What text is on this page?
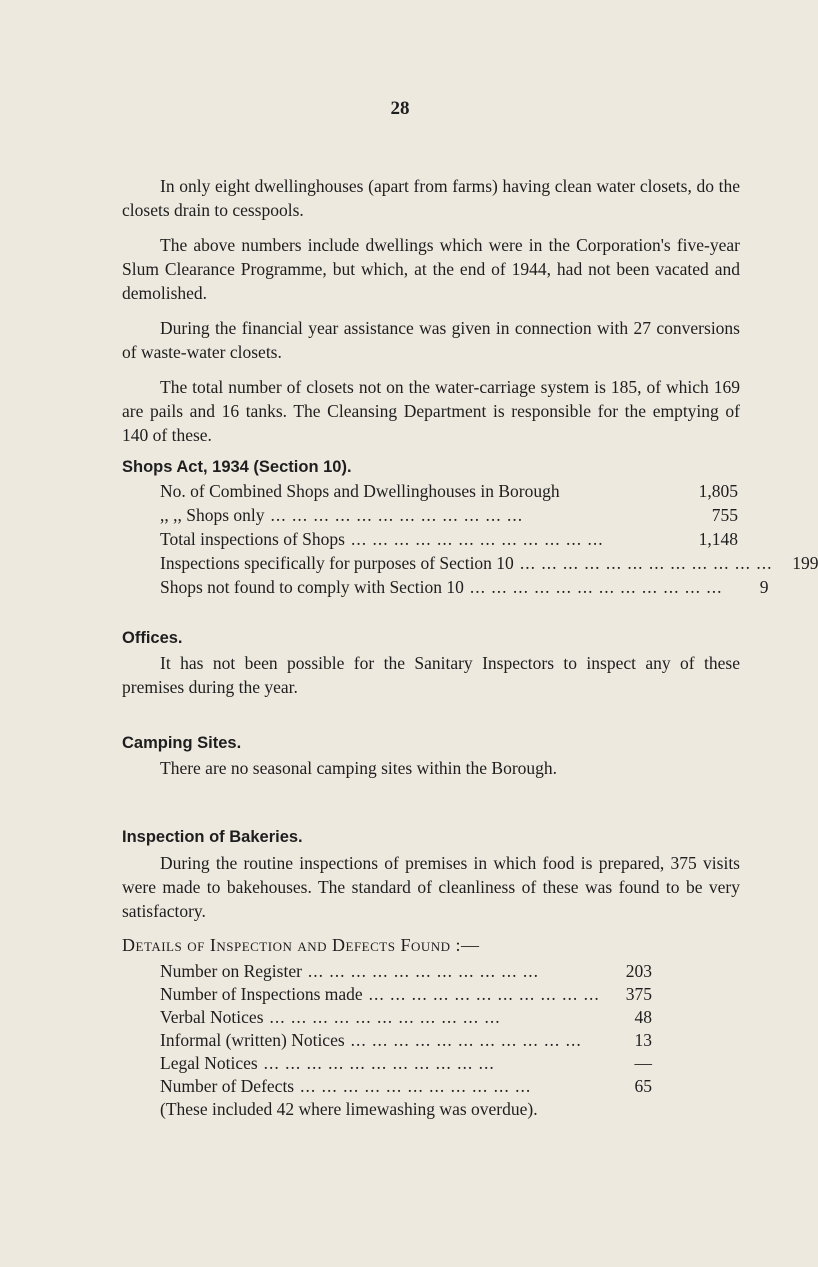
28

In only eight dwellinghouses (apart from farms) having clean water closets, do the closets drain to cesspools.

The above numbers include dwellings which were in the Corporation's five-year Slum Clearance Programme, but which, at the end of 1944, had not been vacated and demolished.

During the financial year assistance was given in connection with 27 conversions of waste-water closets.

The total number of closets not on the water-carriage system is 185, of which 169 are pails and 16 tanks. The Cleansing Department is responsible for the emptying of 140 of these.

Shops Act, 1934 (Section 10).
No. of Combined Shops and Dwellinghouses in Borough	1,805
,, ,, Shops only ... ... ... ... ... ... ... ... ... ... ... ...	755
Total inspections of Shops ... ... ... ... ... ... ... ... ... ... ... ...	1,148
Inspections specifically for purposes of Section 10 ... ... ... ... ... ... ... ... ... ... ... ...	199
Shops not found to comply with Section 10 ... ... ... ... ... ... ... ... ... ... ... ...	9
Offices.

It has not been possible for the Sanitary Inspectors to inspect any of these premises during the year.

Camping Sites.

There are no seasonal camping sites within the Borough.

Inspection of Bakeries.

During the routine inspections of premises in which food is prepared, 375 visits were made to bakehouses. The standard of cleanliness of these was found to be very satisfactory.

Details of Inspection and Defects Found :—
Number on Register ... ... ... ... ... ... ... ... ... ... ...	203
Number of Inspections made ... ... ... ... ... ... ... ... ... ... ...	375
Verbal Notices ... ... ... ... ... ... ... ... ... ... ...	48
Informal (written) Notices ... ... ... ... ... ... ... ... ... ... ...	13
Legal Notices ... ... ... ... ... ... ... ... ... ... ...	—
Number of Defects ... ... ... ... ... ... ... ... ... ... ...	65
(These included 42 where limewashing was overdue).
